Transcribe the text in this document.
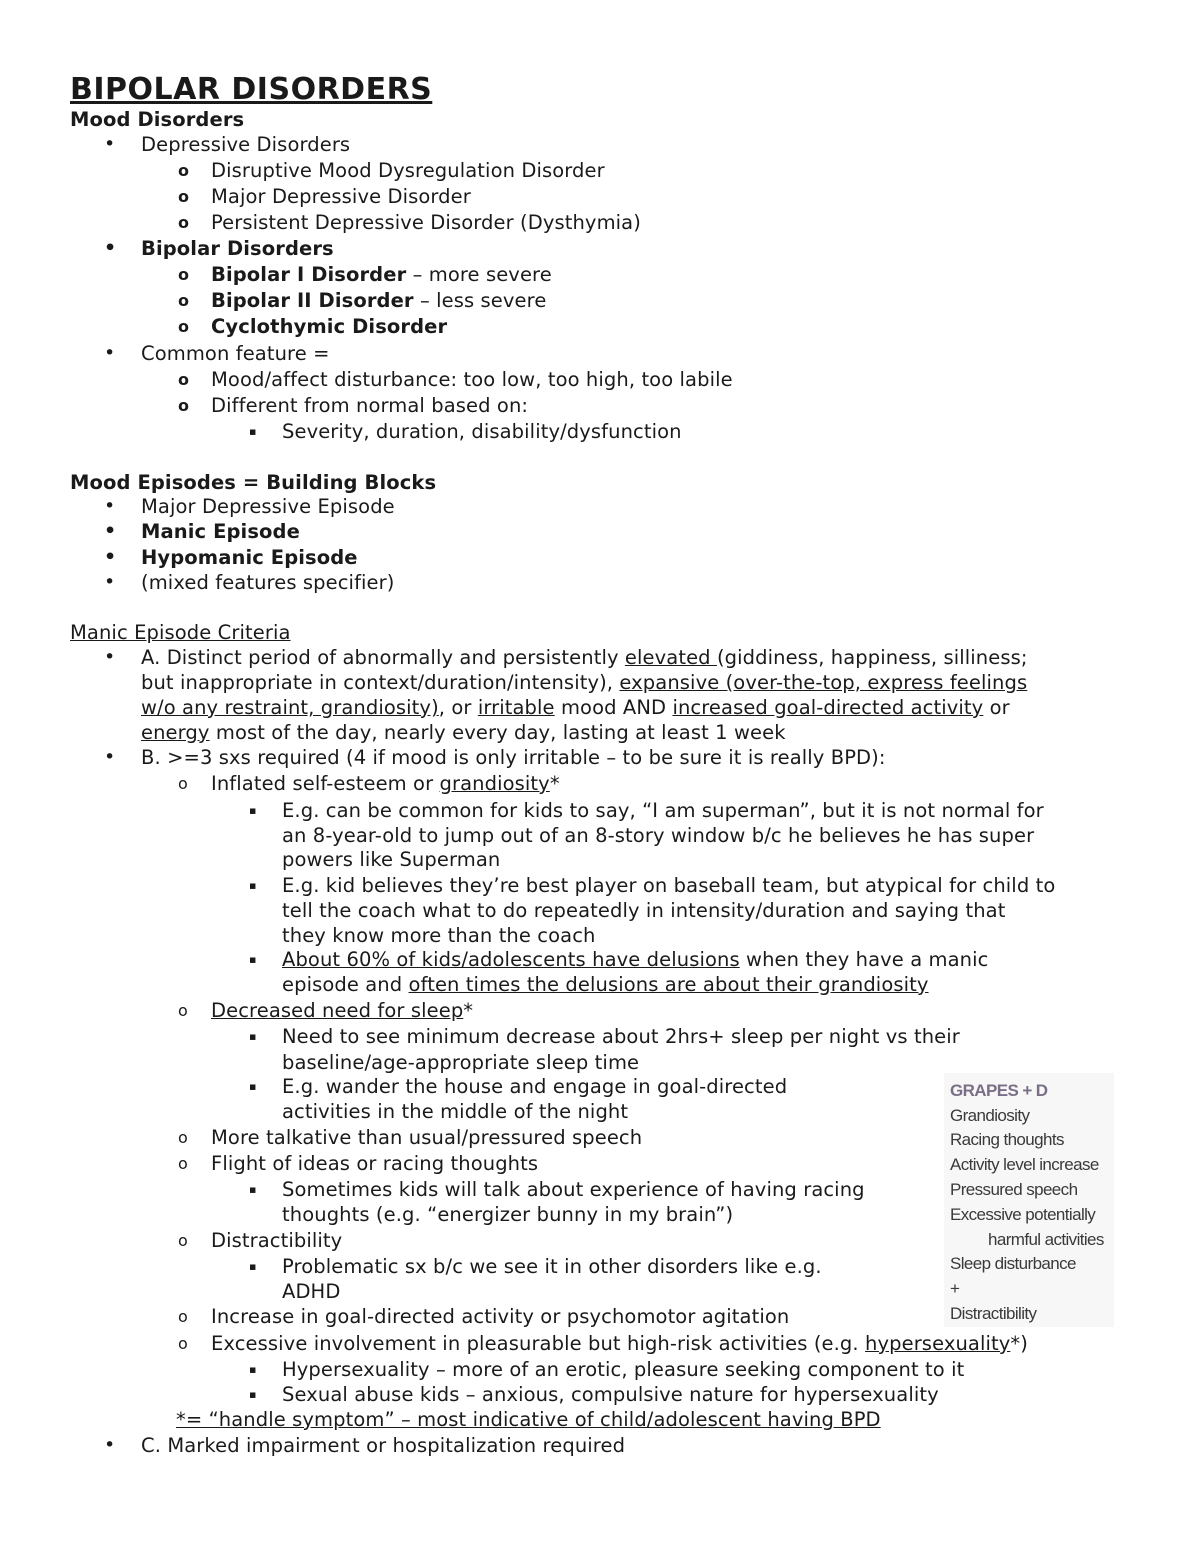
BIPOLAR DISORDERS
Mood Disorders
• Depressive Disorders
o Disruptive Mood Dysregulation Disorder
o Major Depressive Disorder
o Persistent Depressive Disorder (Dysthymia)
• Bipolar Disorders
o Bipolar I Disorder – more severe
o Bipolar II Disorder – less severe
o Cyclothymic Disorder
• Common feature =
o Mood/affect disturbance: too low, too high, too labile
o Different from normal based on:
▪ Severity, duration, disability/dysfunction
Mood Episodes = Building Blocks
• Major Depressive Episode
• Manic Episode
• Hypomanic Episode
• (mixed features specifier)
Manic Episode Criteria
• A. Distinct period of abnormally and persistently elevated (giddiness, happiness, silliness;
but inappropriate in context/duration/intensity), expansive (over-the-top, express feelings
w/o any restraint, grandiosity), or irritable mood AND increased goal-directed activity or
energy most of the day, nearly every day, lasting at least 1 week
• B. >=3 sxs required (4 if mood is only irritable – to be sure it is really BPD):
o Inflated self-esteem or grandiosity*
▪ E.g. can be common for kids to say, “I am superman”, but it is not normal for
an 8-year-old to jump out of an 8-story window b/c he believes he has super
powers like Superman
▪ E.g. kid believes they’re best player on baseball team, but atypical for child to
tell the coach what to do repeatedly in intensity/duration and saying that
they know more than the coach
▪ About 60% of kids/adolescents have delusions when they have a manic
episode and often times the delusions are about their grandiosity
o Decreased need for sleep*
▪ Need to see minimum decrease about 2hrs+ sleep per night vs their
baseline/age-appropriate sleep time
▪ E.g. wander the house and engage in goal-directed
activities in the middle of the night
o More talkative than usual/pressured speech
o Flight of ideas or racing thoughts
▪ Sometimes kids will talk about experience of having racing
thoughts (e.g. “energizer bunny in my brain”)
o Distractibility
▪ Problematic sx b/c we see it in other disorders like e.g.
ADHD
o Increase in goal-directed activity or psychomotor agitation
o Excessive involvement in pleasurable but high-risk activities (e.g. hypersexuality*)
▪ Hypersexuality – more of an erotic, pleasure seeking component to it
▪ Sexual abuse kids – anxious, compulsive nature for hypersexuality
*= “handle symptom” – most indicative of child/adolescent having BPD
• C. Marked impairment or hospitalization required
GRAPES + D
Grandiosity
Racing thoughts
Activity level increase
Pressured speech
Excessive potentially
harmful activities
Sleep disturbance
+
Distractibility
